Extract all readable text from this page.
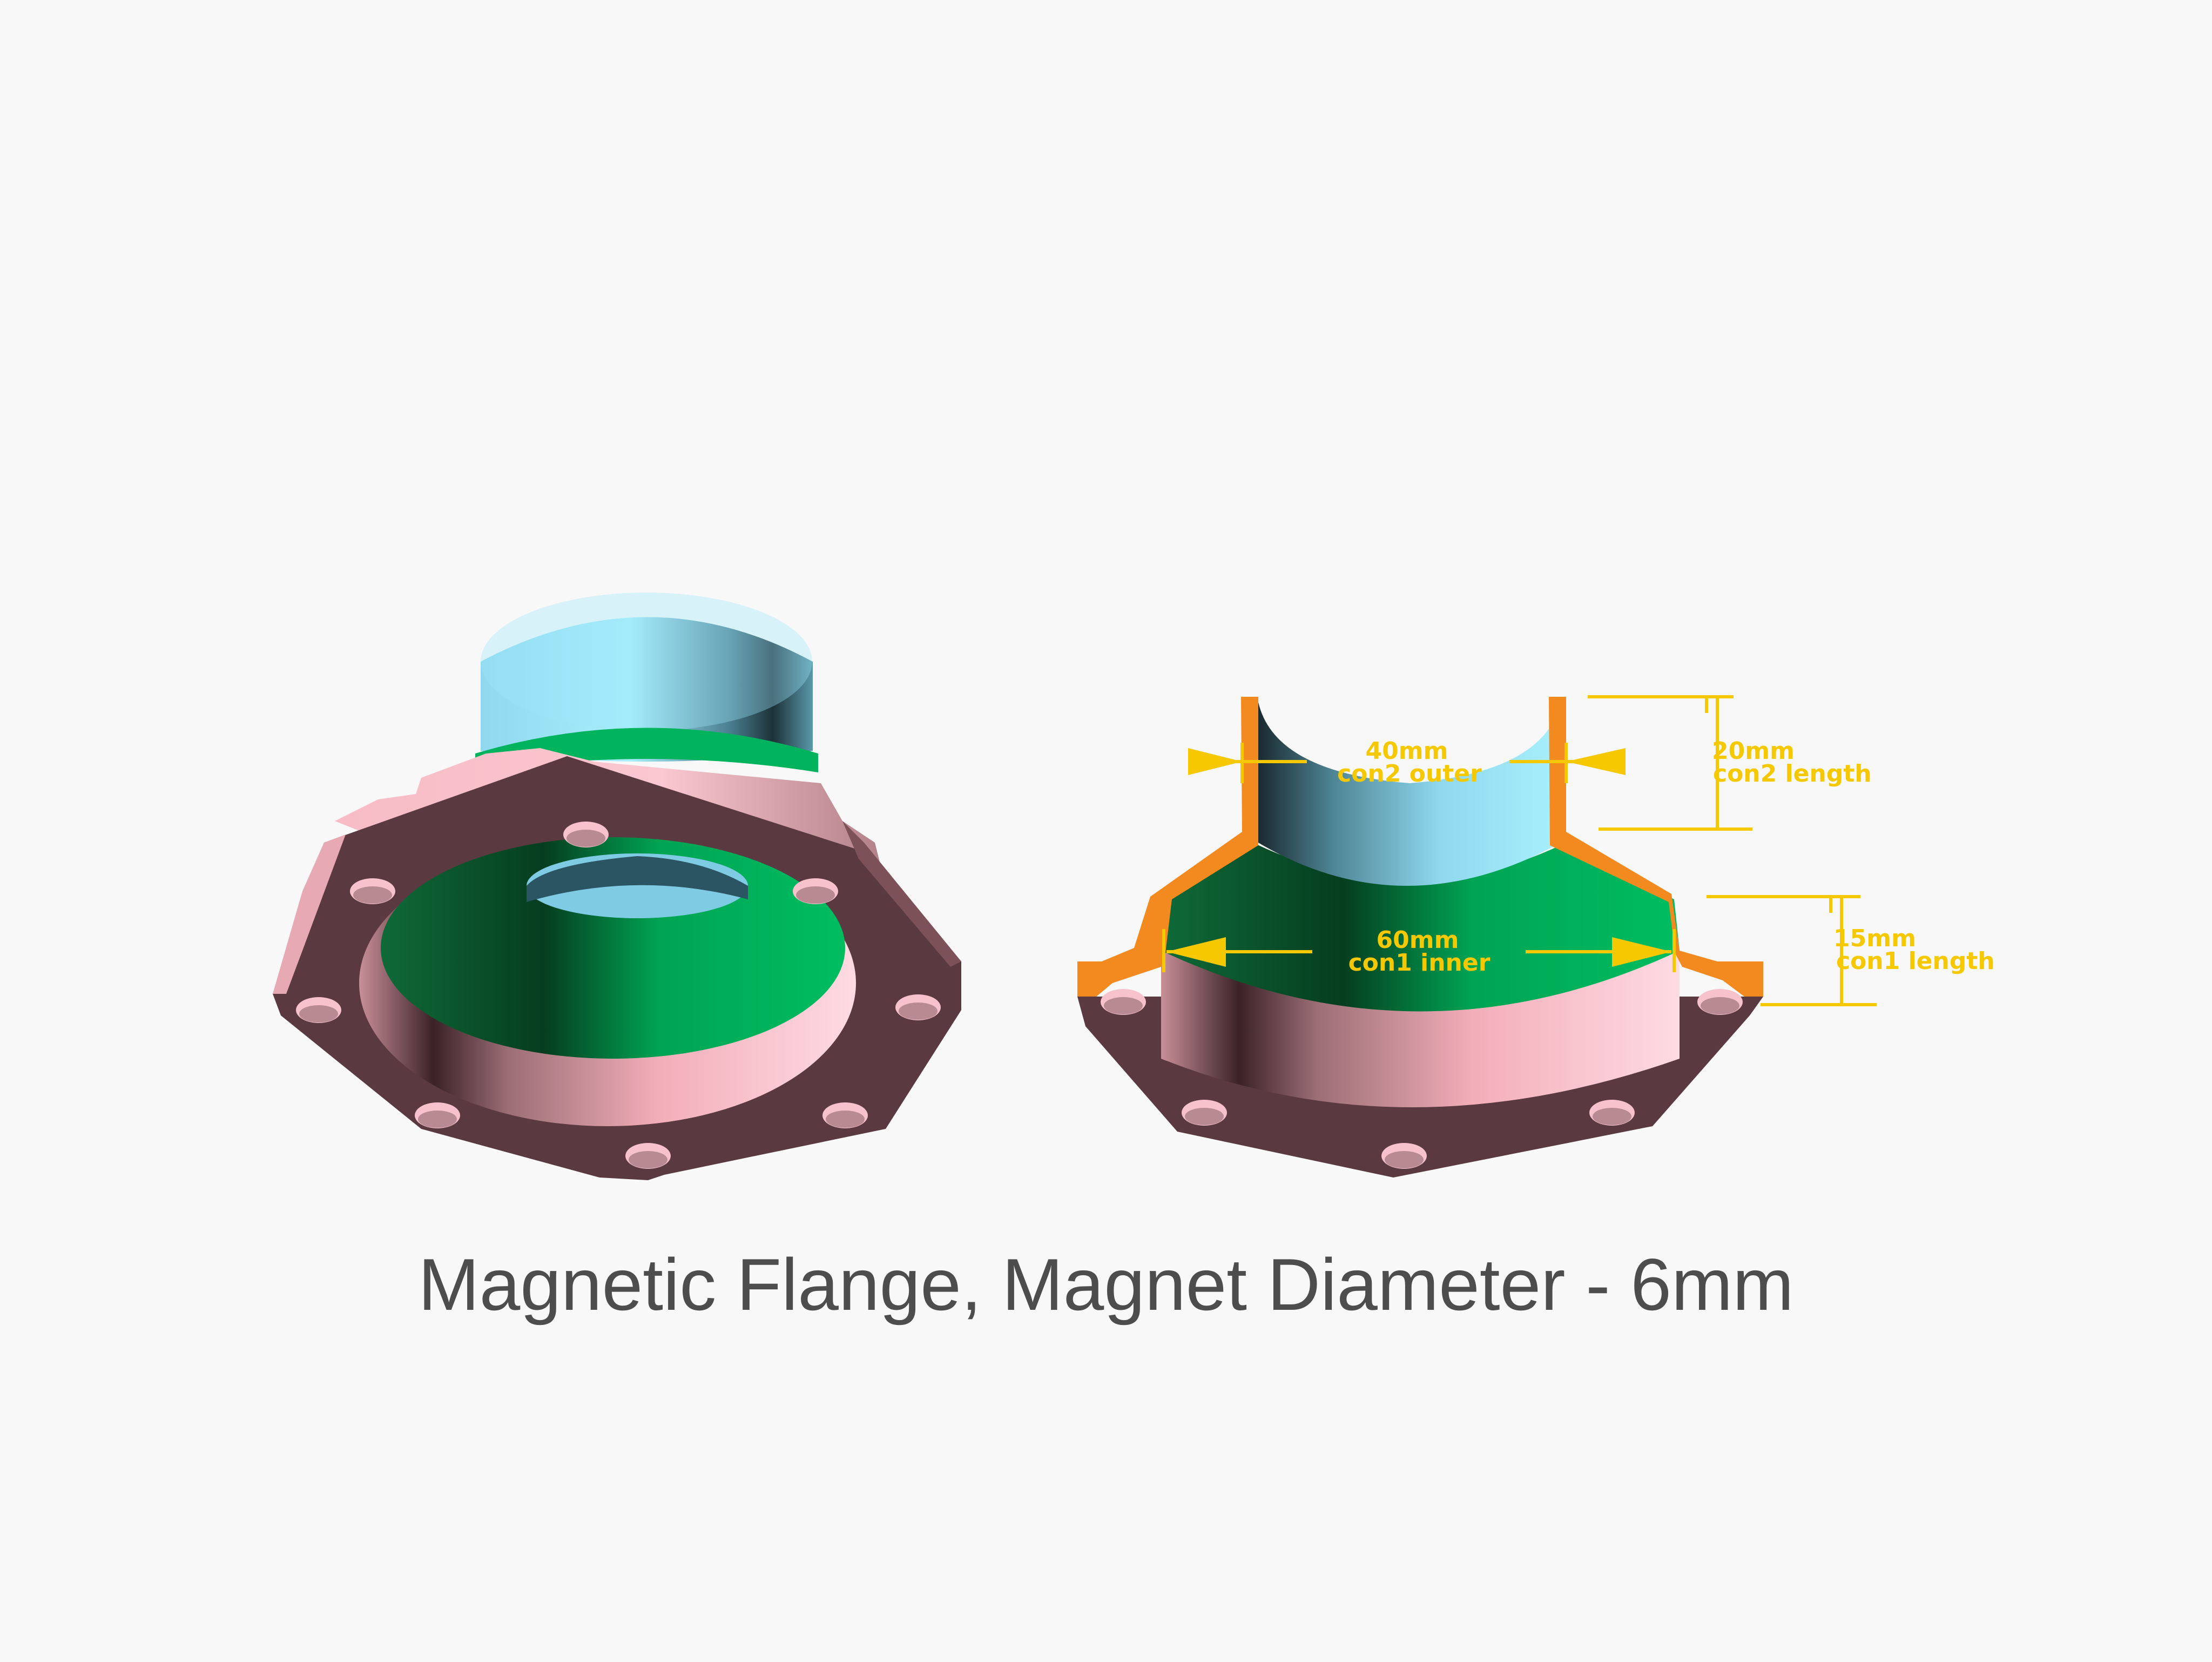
40mm
con2 outer
20mm
con2 length
60mm
con1 inner
15mm
con1 length
Magnetic Flange, Magnet Diameter - 6mm
